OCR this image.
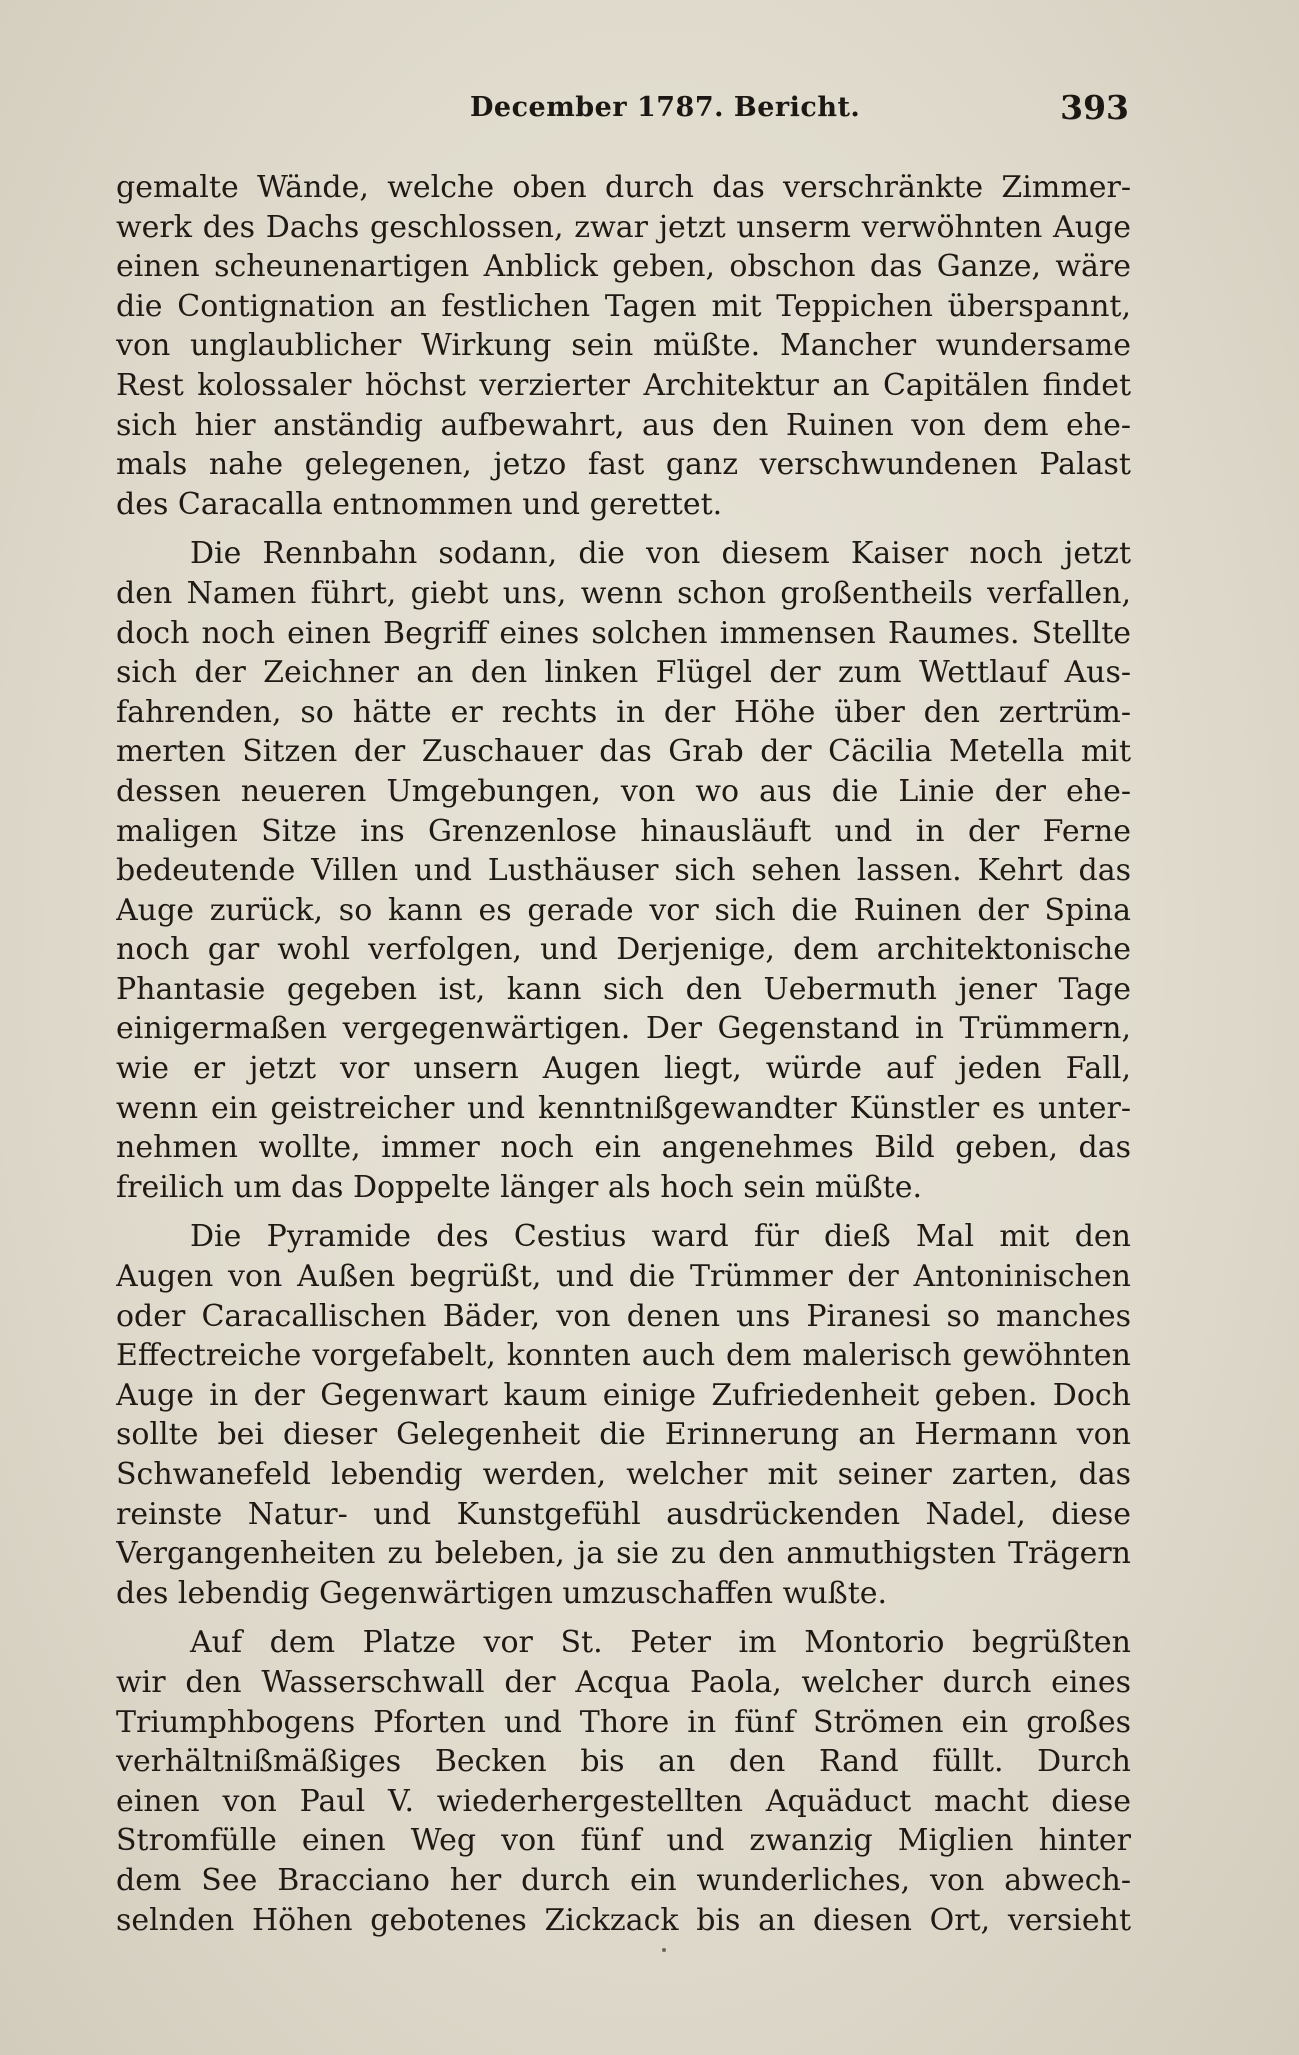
December 1787. Bericht.	393
gemalte Wände, welche oben durch das verschränkte Zimmer-
werk des Dachs geschlossen, zwar jetzt unserm verwöhnten Auge
einen scheunenartigen Anblick geben, obschon das Ganze, wäre
die Contignation an festlichen Tagen mit Teppichen überspannt,
von unglaublicher Wirkung sein müßte. Mancher wundersame
Rest kolossaler höchst verzierter Architektur an Capitälen findet
sich hier anständig aufbewahrt, aus den Ruinen von dem ehe-
mals nahe gelegenen, jetzo fast ganz verschwundenen Palast
des Caracalla entnommen und gerettet.
Die Rennbahn sodann, die von diesem Kaiser noch jetzt
den Namen führt, giebt uns, wenn schon großentheils verfallen,
doch noch einen Begriff eines solchen immensen Raumes. Stellte
sich der Zeichner an den linken Flügel der zum Wettlauf Aus-
fahrenden, so hätte er rechts in der Höhe über den zertrüm-
merten Sitzen der Zuschauer das Grab der Cäcilia Metella mit
dessen neueren Umgebungen, von wo aus die Linie der ehe-
maligen Sitze ins Grenzenlose hinausläuft und in der Ferne
bedeutende Villen und Lusthäuser sich sehen lassen. Kehrt das
Auge zurück, so kann es gerade vor sich die Ruinen der Spina
noch gar wohl verfolgen, und Derjenige, dem architektonische
Phantasie gegeben ist, kann sich den Uebermuth jener Tage
einigermaßen vergegenwärtigen. Der Gegenstand in Trümmern,
wie er jetzt vor unsern Augen liegt, würde auf jeden Fall,
wenn ein geistreicher und kenntnißgewandter Künstler es unter-
nehmen wollte, immer noch ein angenehmes Bild geben, das
freilich um das Doppelte länger als hoch sein müßte.
Die Pyramide des Cestius ward für dieß Mal mit den
Augen von Außen begrüßt, und die Trümmer der Antoninischen
oder Caracallischen Bäder, von denen uns Piranesi so manches
Effectreiche vorgefabelt, konnten auch dem malerisch gewöhnten
Auge in der Gegenwart kaum einige Zufriedenheit geben. Doch
sollte bei dieser Gelegenheit die Erinnerung an Hermann von
Schwanefeld lebendig werden, welcher mit seiner zarten, das
reinste Natur- und Kunstgefühl ausdrückenden Nadel, diese
Vergangenheiten zu beleben, ja sie zu den anmuthigsten Trägern
des lebendig Gegenwärtigen umzuschaffen wußte.
Auf dem Platze vor St. Peter im Montorio begrüßten
wir den Wasserschwall der Acqua Paola, welcher durch eines
Triumphbogens Pforten und Thore in fünf Strömen ein großes
verhältnißmäßiges Becken bis an den Rand füllt. Durch
einen von Paul V. wiederhergestellten Aquäduct macht diese
Stromfülle einen Weg von fünf und zwanzig Miglien hinter
dem See Bracciano her durch ein wunderliches, von abwech-
selnden Höhen gebotenes Zickzack bis an diesen Ort, versieht
